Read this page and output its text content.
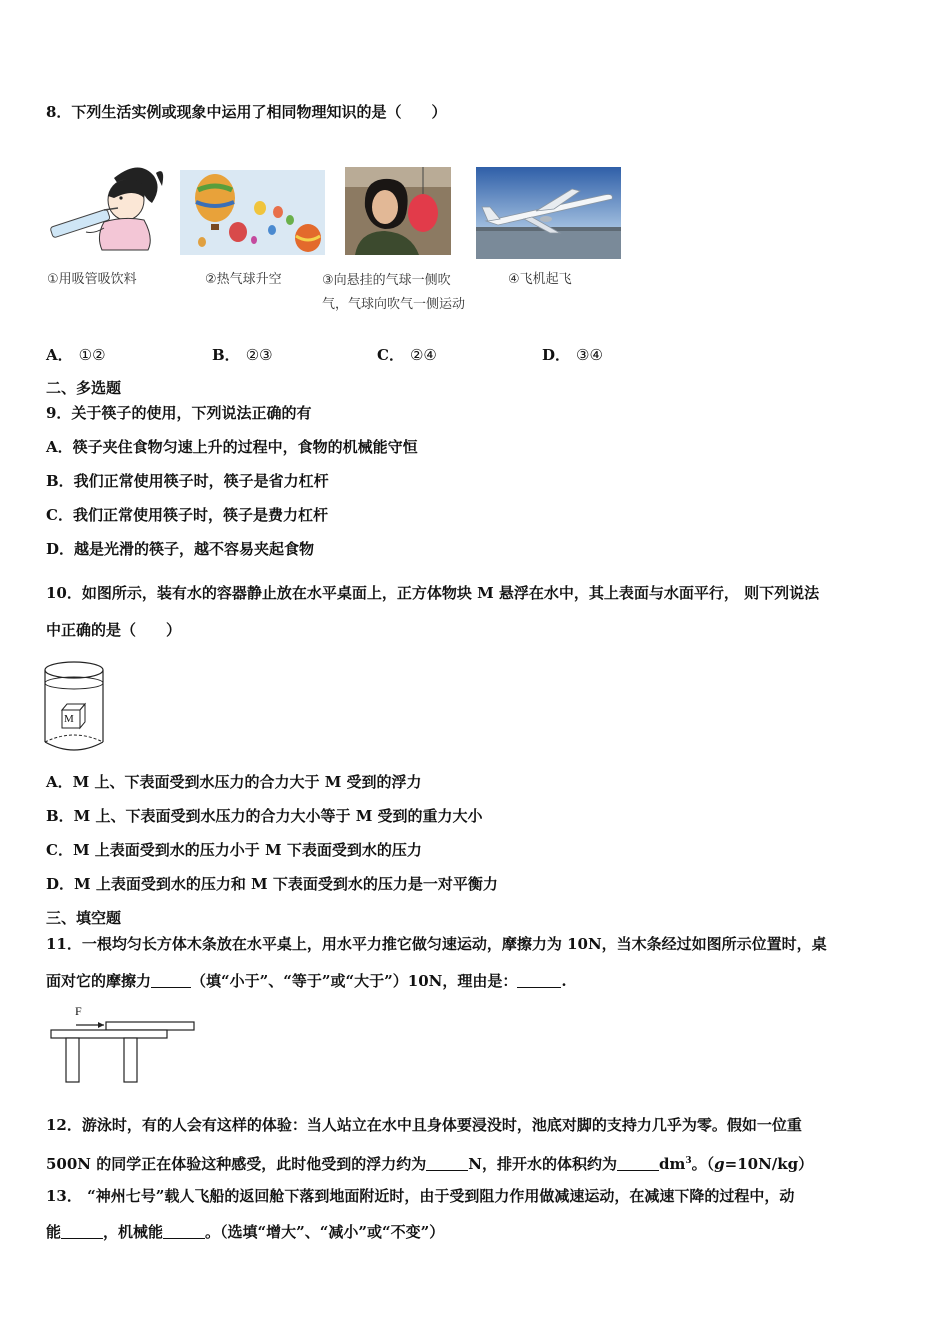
8．下列生活实例或现象中运用了相同物理知识的是（　　）
①用吸管吸饮料	②热气球升空	③向悬挂的气球一侧吹
气，气球向吹气一侧运动
④飞机起飞
A． ①②	B． ②③	C． ②④	D． ③④
二、多选题
9．关于筷子的使用，下列说法正确的有
A．筷子夹住食物匀速上升的过程中，食物的机械能守恒
B．我们正常使用筷子时，筷子是省力杠杆
C．我们正常使用筷子时，筷子是费力杠杆
D．越是光滑的筷子，越不容易夹起食物
10．如图所示，装有水的容器静止放在水平桌面上，正方体物块 M 悬浮在水中，其上表面与水面平行， 则下列说法
中正确的是（　　）
M
A．M 上、下表面受到水压力的合力大于 M 受到的浮力
B．M 上、下表面受到水压力的合力大小等于 M 受到的重力大小
C．M 上表面受到水的压力小于 M 下表面受到水的压力
D．M 上表面受到水的压力和 M 下表面受到水的压力是一对平衡力
三、填空题
11．一根均匀长方体木条放在水平桌上，用水平力推它做匀速运动，摩擦力为 10N，当木条经过如图所示位置时，桌
面对它的摩擦力	（填“小于”、“等于”或“大于”）10N，理由是：	.
F
12．游泳时，有的人会有这样的体验：当人站立在水中且身体要浸没时，池底对脚的支持力几乎为零。假如一位重
500N 的同学正在体验这种感受，此时他受到的浮力约为	N，排开水的体积约为	$dm^3$。（g=10N/kg）
13． “神州七号”载人飞船的返回舱下落到地面附近时，由于受到阻力作用做减速运动，在减速下降的过程中，动
能	，机械能	。（选填“增大”、“减小”或“不变”）
